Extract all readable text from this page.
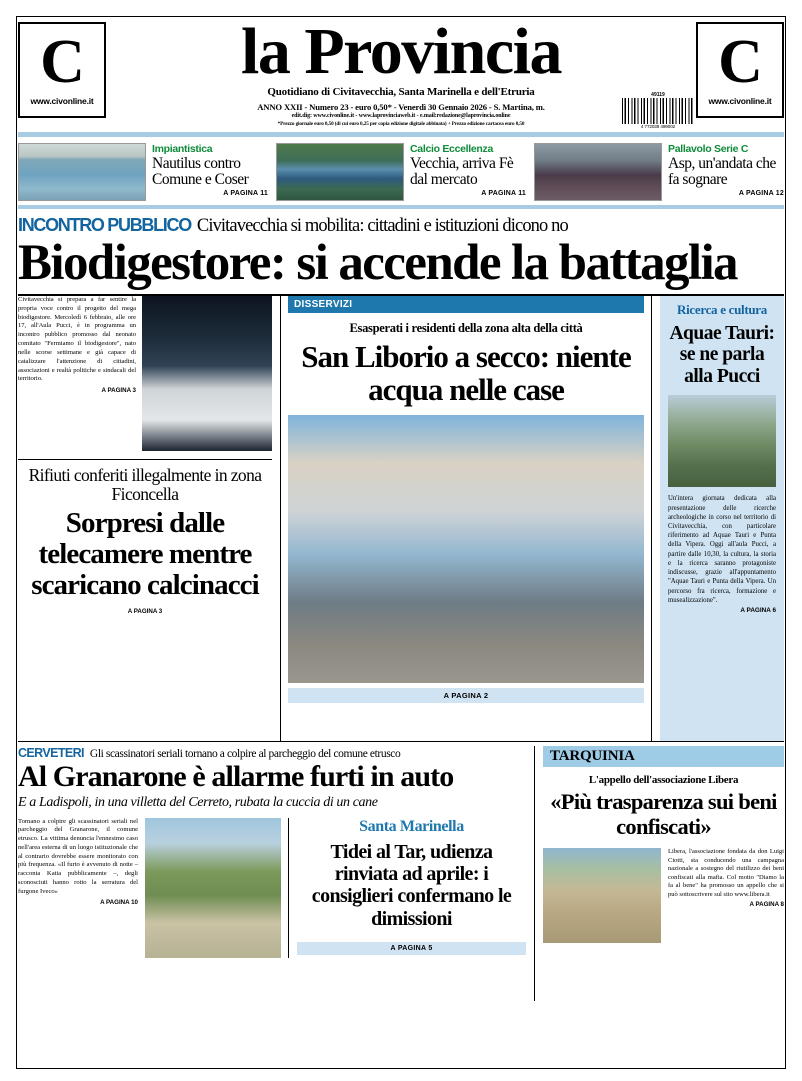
C
www.civonline.it
la Provincia
Quotidiano di Civitavecchia, Santa Marinella e dell'Etruria
ANNO XXII - Numero 23 - euro 0,50* - Venerdì 30 Gennaio 2026 - S. Martina, m.
edit.dig: www.civonline.it - www.laprovinciaweb.it - e.mail:redazione@laprovincia.online
*Prezzo giornale euro 0,50 (di cui euro 0,25 per copia edizione digitale abbinata) + Prezzo edizione cartacea euro 0,50
49119
4 772038 499002
C
www.civonline.it
Impiantistica
Nautilus contro Comune e Coser
A PAGINA 11
Calcio Eccellenza
Vecchia, arriva Fè dal mercato
A PAGINA 11
Pallavolo Serie C
Asp, un'andata che fa sognare
A PAGINA 12
INCONTRO PUBBLICO Civitavecchia si mobilita: cittadini e istituzioni dicono no
Biodigestore: si accende la battaglia
Civitavecchia si prepara a far sentire la propria voce contro il progetto del mega biodigestore. Mercoledì 6 febbraio, alle ore 17, all'Aula Pucci, è in programma un incontro pubblico promosso dal neonato comitato "Fermiamo il biodigestore", nato nelle scorse settimane e già capace di catalizzare l'attenzione di cittadini, associazioni e realtà politiche e sindacali del territorio.
A PAGINA 3
Rifiuti conferiti illegalmente in zona Ficoncella
Sorpresi dalle telecamere mentre scaricano calcinacci
A PAGINA 3
DISSERVIZI
Esasperati i residenti della zona alta della città
San Liborio a secco: niente acqua nelle case
A PAGINA 2
Ricerca e cultura
Aquae Tauri: se ne parla alla Pucci
Un'intera giornata dedicata alla presentazione delle ricerche archeologiche in corso nel territorio di Civitavecchia, con particolare riferimento ad Aquae Tauri e Punta della Vipera. Oggi all'aula Pucci, a partire dalle 10,30, la cultura, la storia e la ricerca saranno protagoniste indiscusse, grazie all'appuntamento "Aquae Tauri e Punta della Vipera. Un percorso fra ricerca, formazione e musealizzazione".
A PAGINA 6
CERVETERI Gli scassinatori seriali tornano a colpire al parcheggio del comune etrusco
Al Granarone è allarme furti in auto
E a Ladispoli, in una villetta del Cerreto, rubata la cuccia di un cane
Tornano a colpire gli scassinatori seriali nel parcheggio del Granarone, il comune etrusco. La vittima denuncia l'ennesimo caso nell'area esterna di un luogo istituzionale che al contrario dovrebbe essere monitorato con più frequenza. «Il furto è avvenuto di notte – racconta Katia pubblicamente –, degli sconosciuti hanno rotto la serratura del furgone Iveco»
A PAGINA 10
Santa Marinella
Tidei al Tar, udienza rinviata ad aprile: i consiglieri confermano le dimissioni
A PAGINA 5
TARQUINIA
L'appello dell'associazione Libera
«Più trasparenza sui beni confiscati»
Libera, l'associazione fondata da don Luigi Ciotti, sta conducendo una campagna nazionale a sostegno del riutilizzo dei beni confiscati alla mafia. Col motto "Diamo la fa al bene" ha promosso un appello che si può sottoscrivere sul sito www.libera.it
A PAGINA 8
